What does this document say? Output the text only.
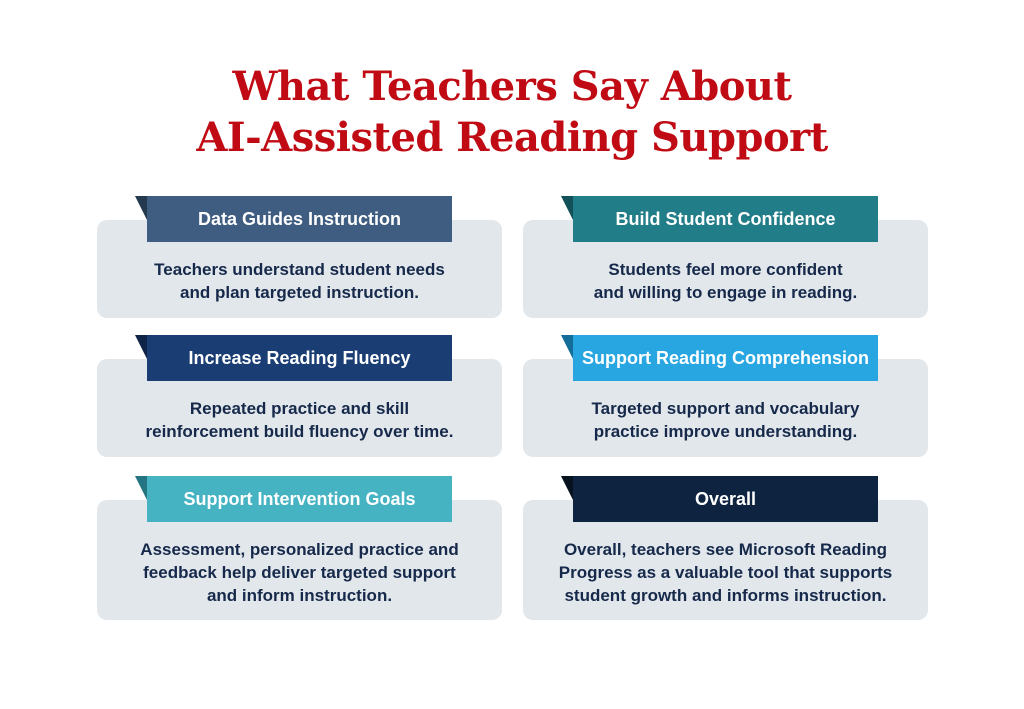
What Teachers Say About
AI-Assisted Reading Support
Teachers understand student needs
and plan targeted instruction.
Data Guides Instruction
Students feel more confident
and willing to engage in reading.
Build Student Confidence
Repeated practice and skill
reinforcement build fluency over time.
Increase Reading Fluency
Targeted support and vocabulary
practice improve understanding.
Support Reading Comprehension
Assessment, personalized practice and
feedback help deliver targeted support
and inform instruction.
Support Intervention Goals
Overall, teachers see Microsoft Reading
Progress as a valuable tool that supports
student growth and informs instruction.
Overall
